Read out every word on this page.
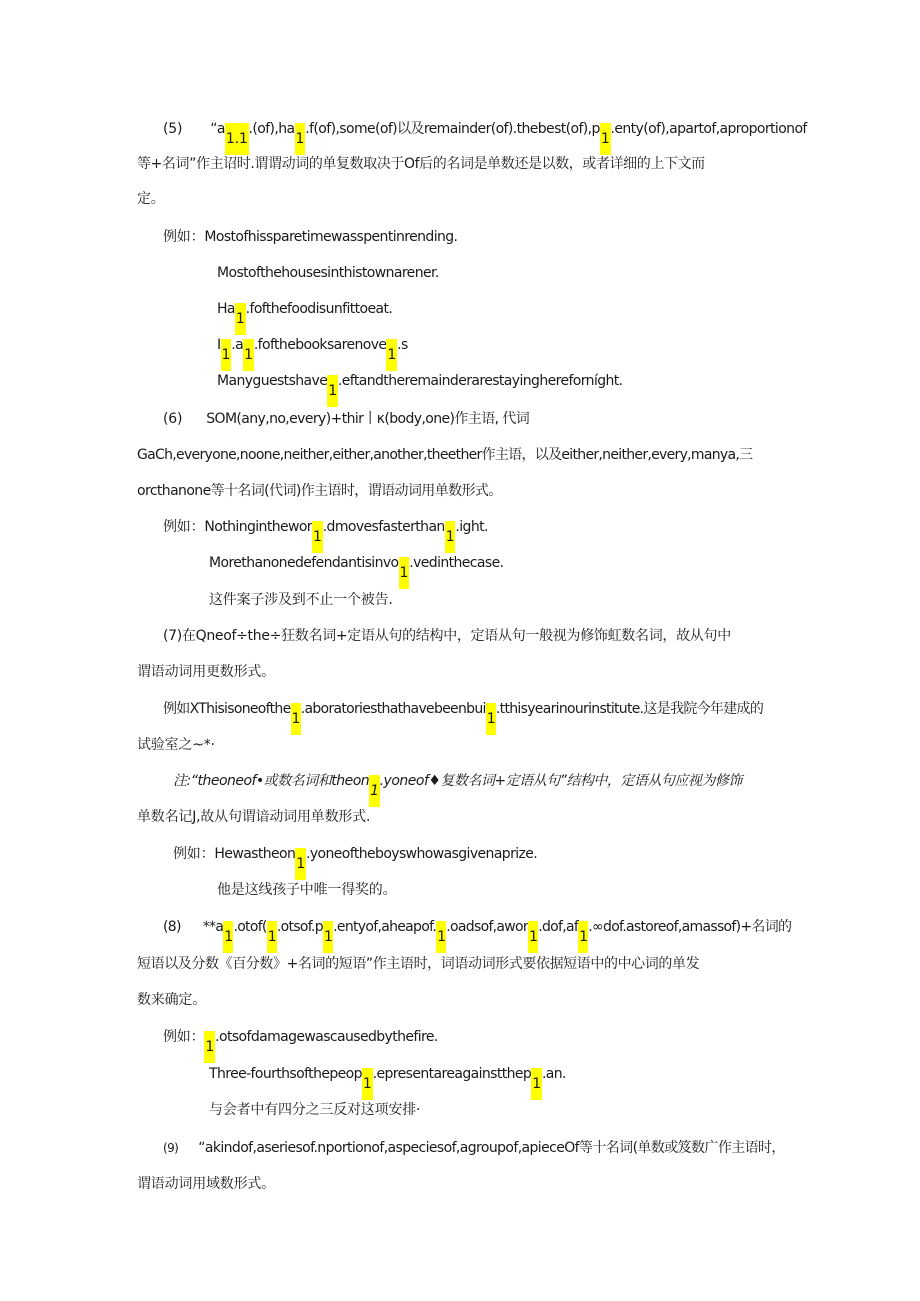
(5) “a1.1.(of),ha1.f(of),some(of)以及remainder(of).thebest(of),p1.enty(of),apartof,aproportionof
等+名词”作主诏时.谓谓动词的单复数取决于Of后的名词是单数还是以数，或者详细的上下文而
定。
例如：Mostofhissparetimewasspentinrending.
Mostofthehousesinthistownarener.
Ha1.fofthefoodisunfittoeat.
I1.a1.fofthebooksarenove1.s
Manyguestshave1.eftandtheremainderarestayinghereforníght.
(6) SOM(any,no,every)+thir丨κ(body,one)作主语, 代词
GaCh,everyone,noone,neither,either,another,theether作主语，以及either,neither,every,manya,三
orcthanone等十名词(代词)作主语时，谓语动词用单数形式。
例如：Nothinginthewor1.dmovesfasterthan1.ight.
Morethanonedefendantisinvo1.vedinthecase.
这件案子涉及到不止一个被告.
(7)在Qneof÷the÷狂数名词+定语从句的结构中，定语从句一般视为修饰虹数名词，故从句中
谓语动词用更数形式。
例如XThisisoneofthe1.aboratoriesthathavebeenbui1.tthisyearinourinstitute.这是我院今年建成的
试验室之~*·
注:“theoneof•或数名词和theon1.yoneof♦复数名词+定语从句”结构中，定语从句应视为修饰
单数名记J,故从句谓谙动词用单数形式.
例如：Hewastheon1.yoneoftheboyswhowasgivenaprize.
他是这线孩子中唯一得奖的。
(8) **a1.otof(1.otsof.p1.entyof,aheapof.1.oadsof,awor1.dof,af1.∞dof.astoreof,amassof)+名词的
短语以及分数《百分数》+名词的短语”作主语时，词语动词形式要依据短语中的中心词的单发
数来确定。
例如：1.otsofdamagewascausedbythefire.
Three-fourthsofthepeop1.epresentareagainstthep1.an.
与会者中有四分之三反对这项安排·
(9) “akindof,aseriesof.nportionof,aspeciesof,agroupof,apieceOf等十名词(单数或笈数广作主语时，
谓语动词用域数形式。
